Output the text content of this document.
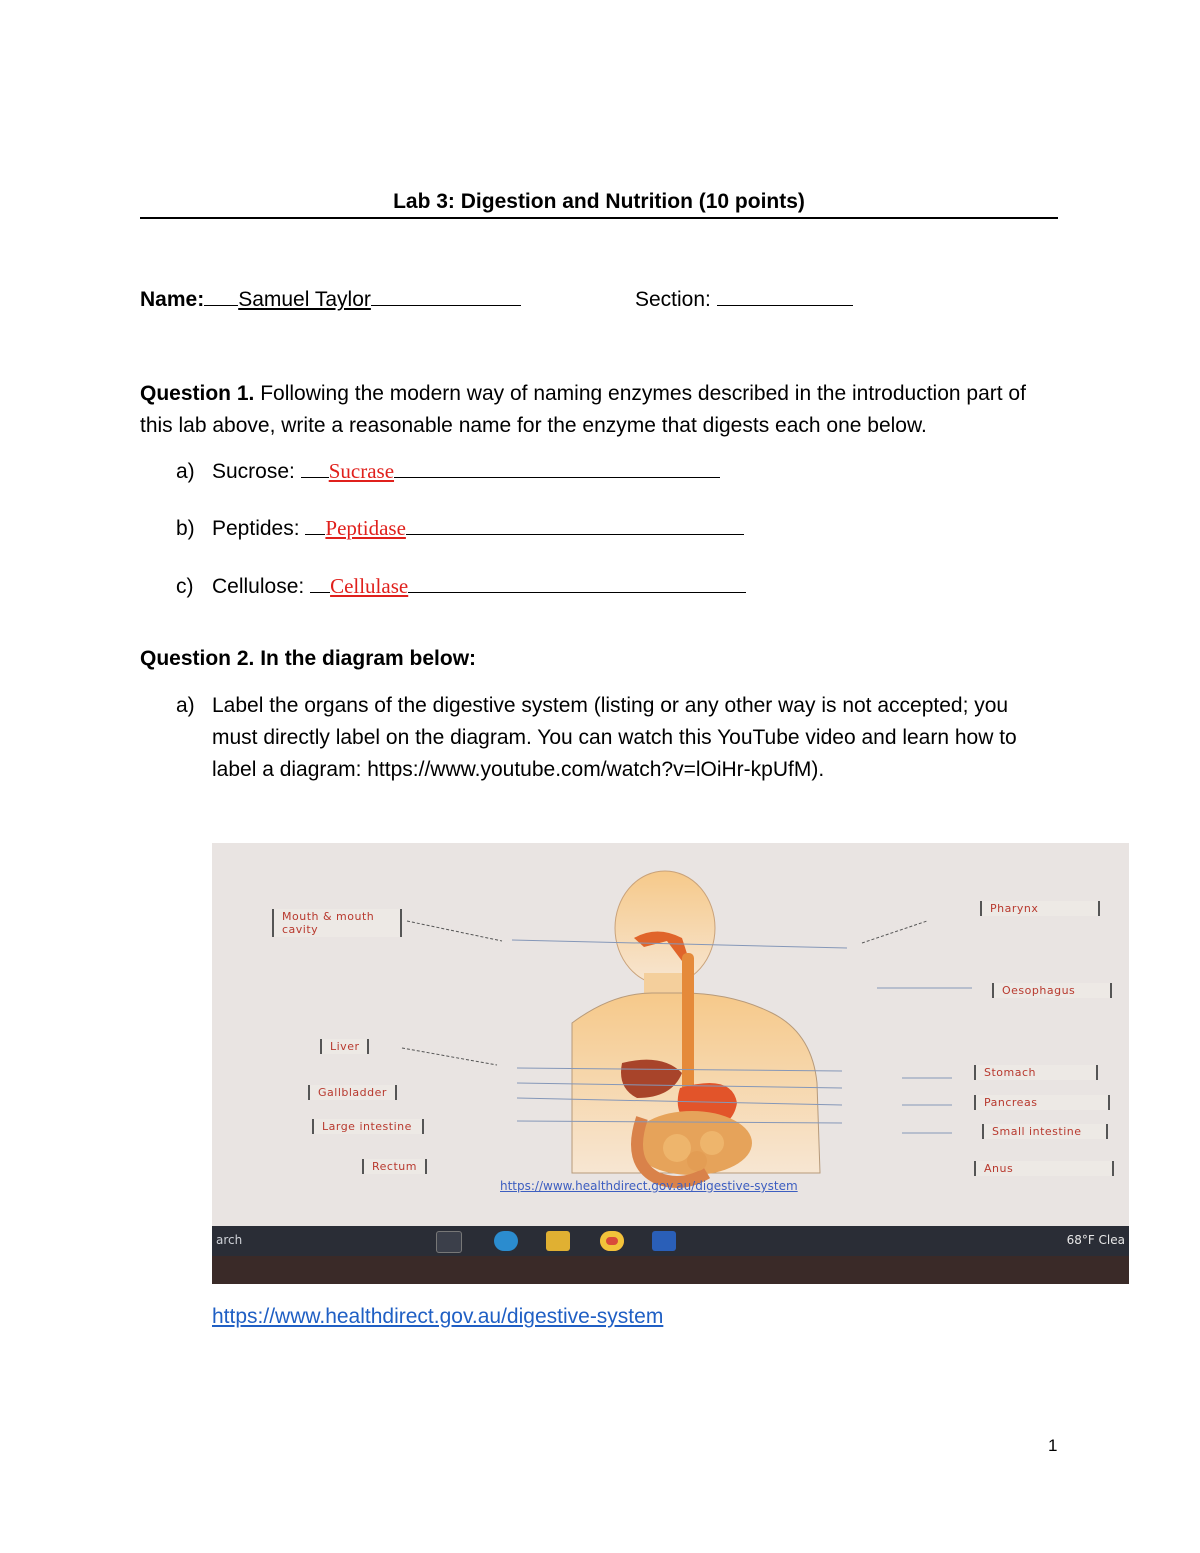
Lab 3: Digestion and Nutrition (10 points)
Name: Samuel Taylor	Section:
Question 1. Following the modern way of naming enzymes described in the introduction part of
this lab above, write a reasonable name for the enzyme that digests each one below.
a) Sucrose: Sucrase
b) Peptides: Peptidase
c) Cellulose: Cellulase
Question 2. In the diagram below:
a) Label the organs of the digestive system (listing or any other way is not accepted; you
must directly label on the diagram. You can watch this YouTube video and learn how to
label a diagram: https://www.youtube.com/watch?v=lOiHr-kpUfM).
Mouth & mouth cavity
Liver
Gallbladder
Large intestine
Rectum
Pharynx
Oesophagus
Stomach
Pancreas
Small intestine
Anus
https://www.healthdirect.gov.au/digestive-system
arch	68°F Clea
https://www.healthdirect.gov.au/digestive-system
1
